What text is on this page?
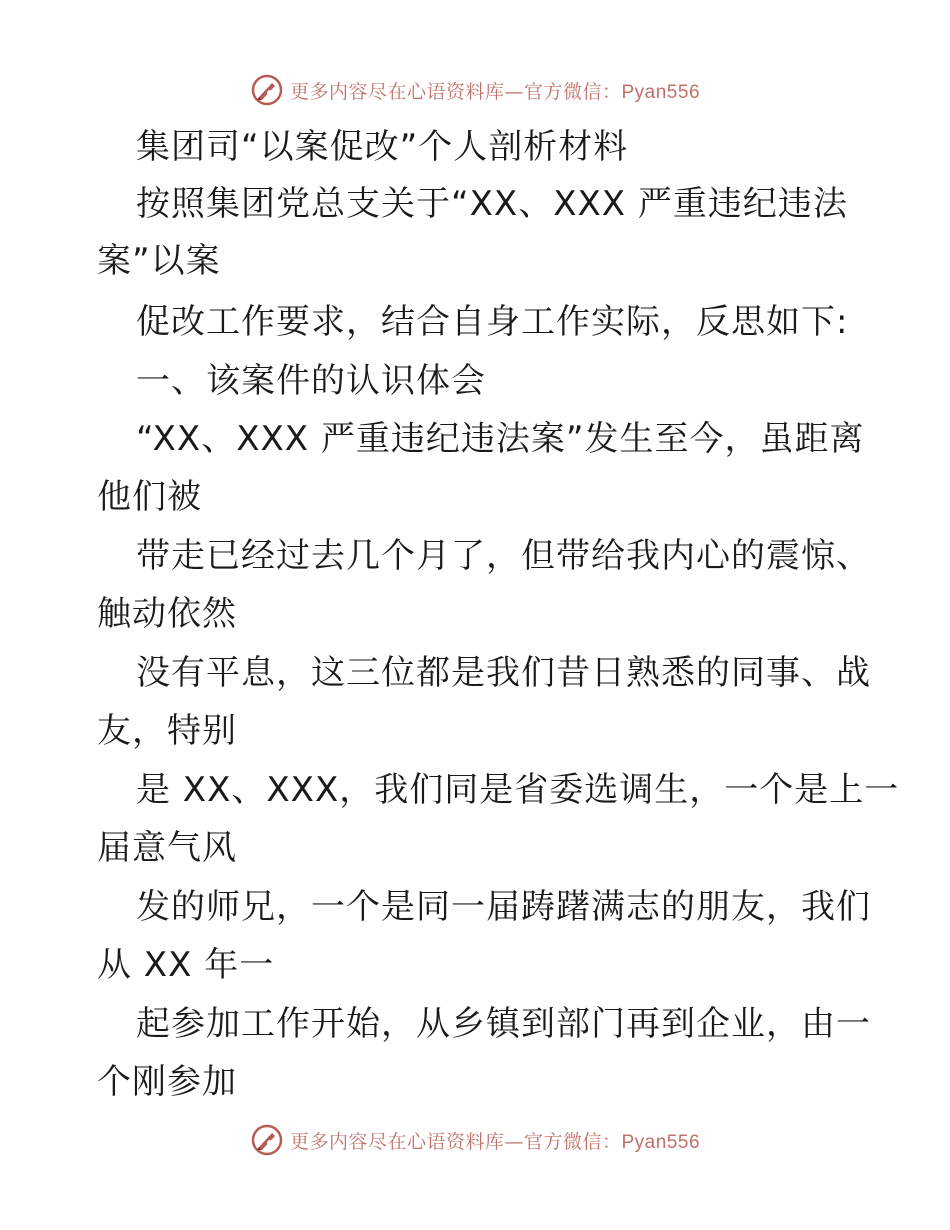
更多内容尽在心语资料库—官方微信：Pyan556
集团司“以案促改”个人剖析材料
按照集团党总支关于“XX、XXX 严重违纪违法
案”以案
促改工作要求，结合自身工作实际，反思如下:
一、该案件的认识体会
“XX、XXX 严重违纪违法案”发生至今，虽距离
他们被
带走已经过去几个月了，但带给我内心的震惊、
触动依然
没有平息，这三位都是我们昔日熟悉的同事、战
友，特别
是 XX、XXX，我们同是省委选调生，一个是上一
届意气风
发的师兄，一个是同一届踌躇满志的朋友，我们
从 XX 年一
起参加工作开始，从乡镇到部门再到企业，由一
个刚参加
更多内容尽在心语资料库—官方微信：Pyan556
